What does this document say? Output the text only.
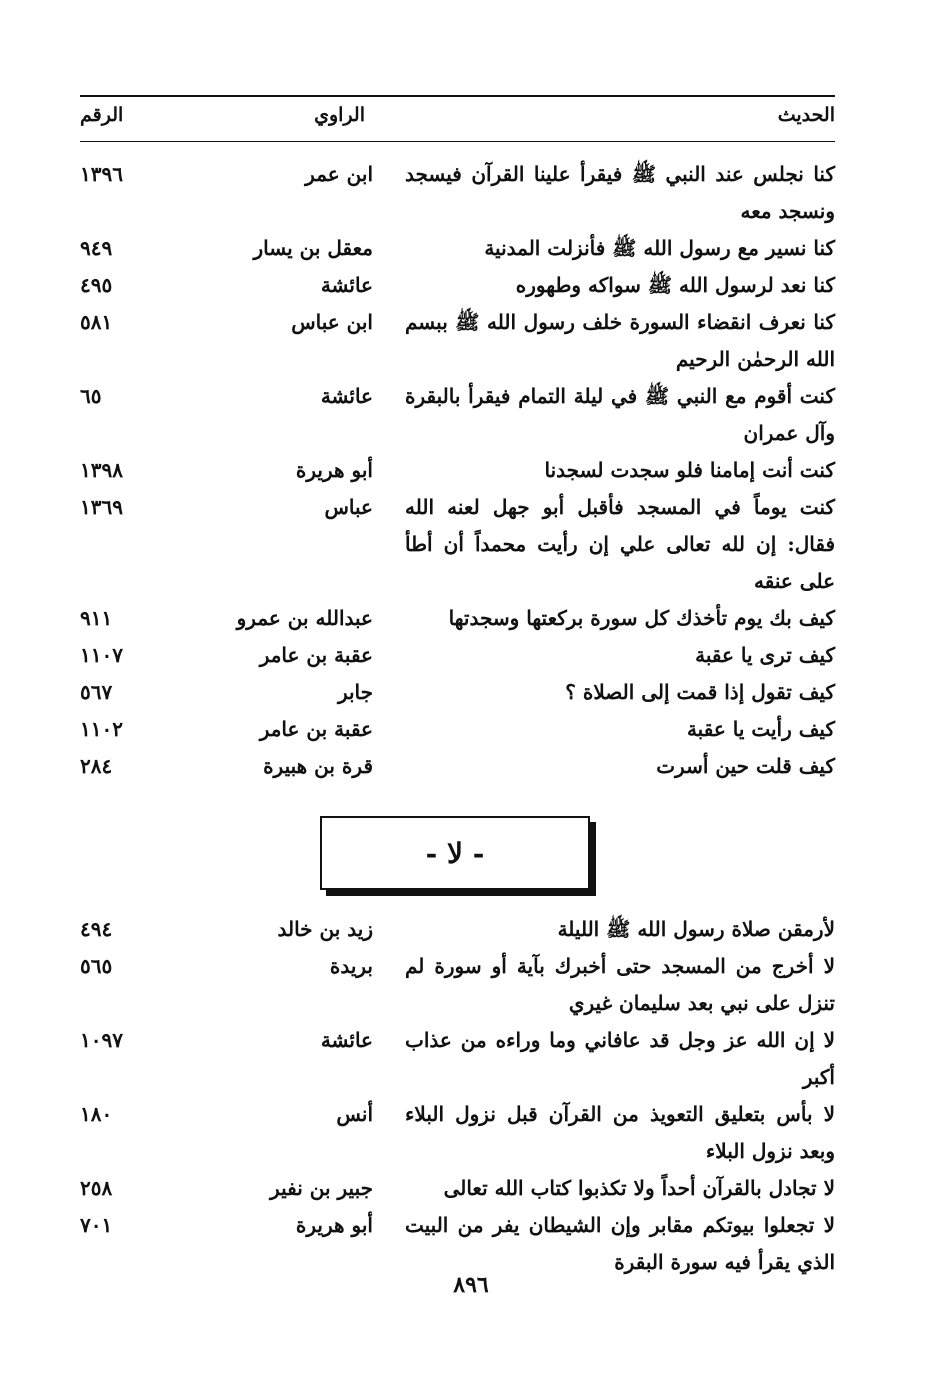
الحديث
الراوي
الرقم
كنا نجلس عند النبي ﷺ فيقرأ علينا القرآن فيسجد ونسجد معه
ابن عمر
١٣٩٦
كنا نسير مع رسول الله ﷺ فأنزلت المدنية
معقل بن يسار
٩٤٩
كنا نعد لرسول الله ﷺ سواكه وطهوره
عائشة
٤٩٥
كنا نعرف انقضاء السورة خلف رسول الله ﷺ ببسم الله الرحمٰن الرحيم
ابن عباس
٥٨١
كنت أقوم مع النبي ﷺ في ليلة التمام فيقرأ بالبقرة وآل عمران
عائشة
٦٥
كنت أنت إمامنا فلو سجدت لسجدنا
أبو هريرة
١٣٩٨
كنت يوماً في المسجد فأقبل أبو جهل لعنه الله فقال: إن لله تعالى علي إن رأيت محمداً أن أطأ على عنقه
عباس
١٣٦٩
كيف بك يوم تأخذك كل سورة بركعتها وسجدتها
عبدالله بن عمرو
٩١١
كيف ترى يا عقبة
عقبة بن عامر
١١٠٧
كيف تقول إذا قمت إلى الصلاة ؟
جابر
٥٦٧
كيف رأيت يا عقبة
عقبة بن عامر
١١٠٢
كيف قلت حين أسرت
قرة بن هبيرة
٢٨٤
- لا -
لأرمقن صلاة رسول الله ﷺ الليلة
زيد بن خالد
٤٩٤
لا أخرج من المسجد حتى أخبرك بآية أو سورة لم تنزل على نبي بعد سليمان غيري
بريدة
٥٦٥
لا إن الله عز وجل قد عافاني وما وراءه من عذاب أكبر
عائشة
١٠٩٧
لا بأس بتعليق التعويذ من القرآن قبل نزول البلاء وبعد نزول البلاء
أنس
١٨٠
لا تجادل بالقرآن أحداً ولا تكذبوا كتاب الله تعالى
جبير بن نفير
٢٥٨
لا تجعلوا بيوتكم مقابر وإن الشيطان يفر من البيت الذي يقرأ فيه سورة البقرة
أبو هريرة
٧٠١
٨٩٦
